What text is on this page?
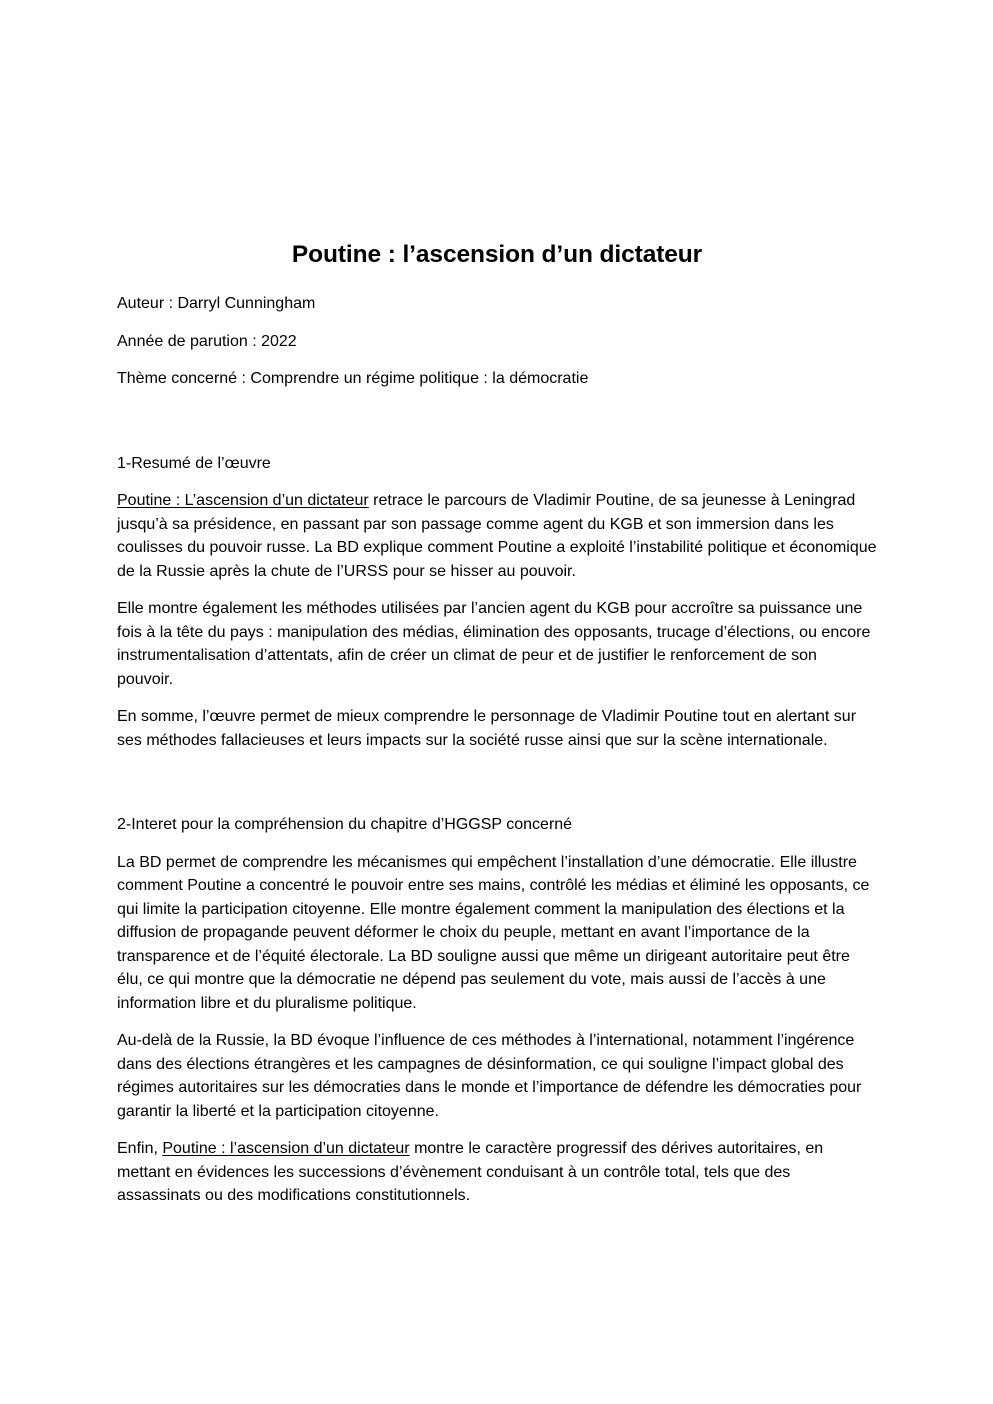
Poutine : l’ascension d’un dictateur

Auteur : Darryl Cunningham

Année de parution : 2022

Thème concerné : Comprendre un régime politique : la démocratie

1-Resumé de l’œuvre

Poutine : L’ascension d’un dictateur retrace le parcours de Vladimir Poutine, de sa jeunesse à Leningrad jusqu’à sa présidence, en passant par son passage comme agent du KGB et son immersion dans les coulisses du pouvoir russe. La BD explique comment Poutine a exploité l’instabilité politique et économique de la Russie après la chute de l’URSS pour se hisser au pouvoir.

Elle montre également les méthodes utilisées par l’ancien agent du KGB pour accroître sa puissance une fois à la tête du pays : manipulation des médias, élimination des opposants, trucage d’élections, ou encore instrumentalisation d’attentats, afin de créer un climat de peur et de justifier le renforcement de son pouvoir.

En somme, l’œuvre permet de mieux comprendre le personnage de Vladimir Poutine tout en alertant sur ses méthodes fallacieuses et leurs impacts sur la société russe ainsi que sur la scène internationale.

2-Interet pour la compréhension du chapitre d’HGGSP concerné

La BD permet de comprendre les mécanismes qui empêchent l’installation d’une démocratie. Elle illustre comment Poutine a concentré le pouvoir entre ses mains, contrôlé les médias et éliminé les opposants, ce qui limite la participation citoyenne. Elle montre également comment la manipulation des élections et la diffusion de propagande peuvent déformer le choix du peuple, mettant en avant l’importance de la transparence et de l’équité électorale. La BD souligne aussi que même un dirigeant autoritaire peut être élu, ce qui montre que la démocratie ne dépend pas seulement du vote, mais aussi de l’accès à une information libre et du pluralisme politique.

Au-delà de la Russie, la BD évoque l’influence de ces méthodes à l’international, notamment l’ingérence dans des élections étrangères et les campagnes de désinformation, ce qui souligne l’impact global des régimes autoritaires sur les démocraties dans le monde et l’importance de défendre les démocraties pour garantir la liberté et la participation citoyenne.

Enfin, Poutine : l’ascension d’un dictateur montre le caractère progressif des dérives autoritaires, en mettant en évidences les successions d’évènement conduisant à un contrôle total, tels que des assassinats ou des modifications constitutionnels.
